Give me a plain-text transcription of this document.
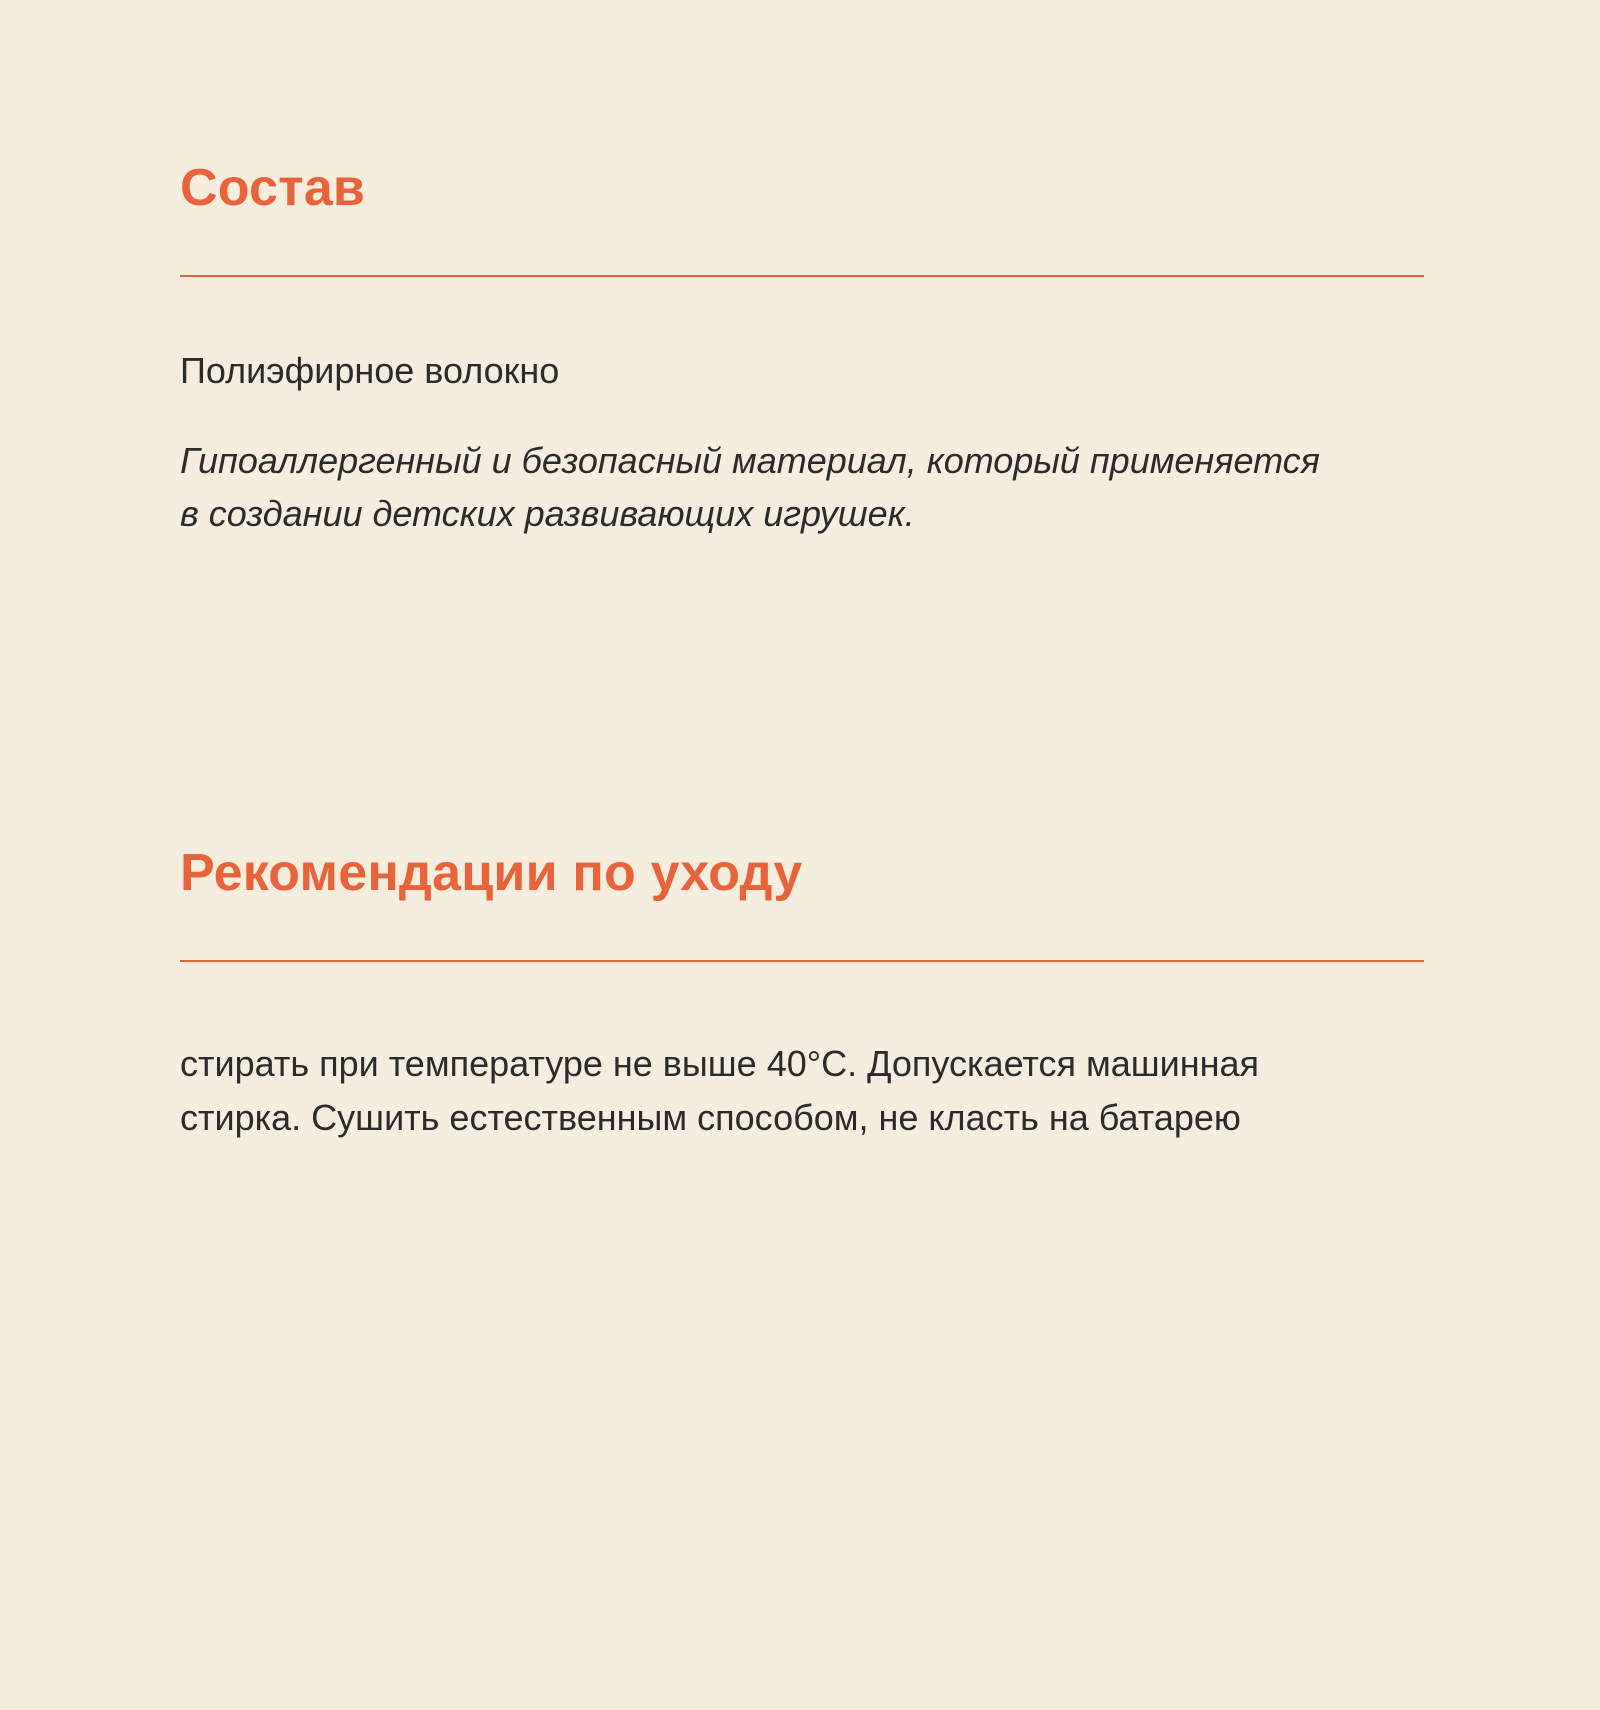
Состав

Полиэфирное волокно

Гипоаллергенный и безопасный материал, который применяется в создании детских развивающих игрушек.

Рекомендации по уходу

стирать при температуре не выше 40°C. Допускается машинная стирка. Сушить естественным способом, не класть на батарею
